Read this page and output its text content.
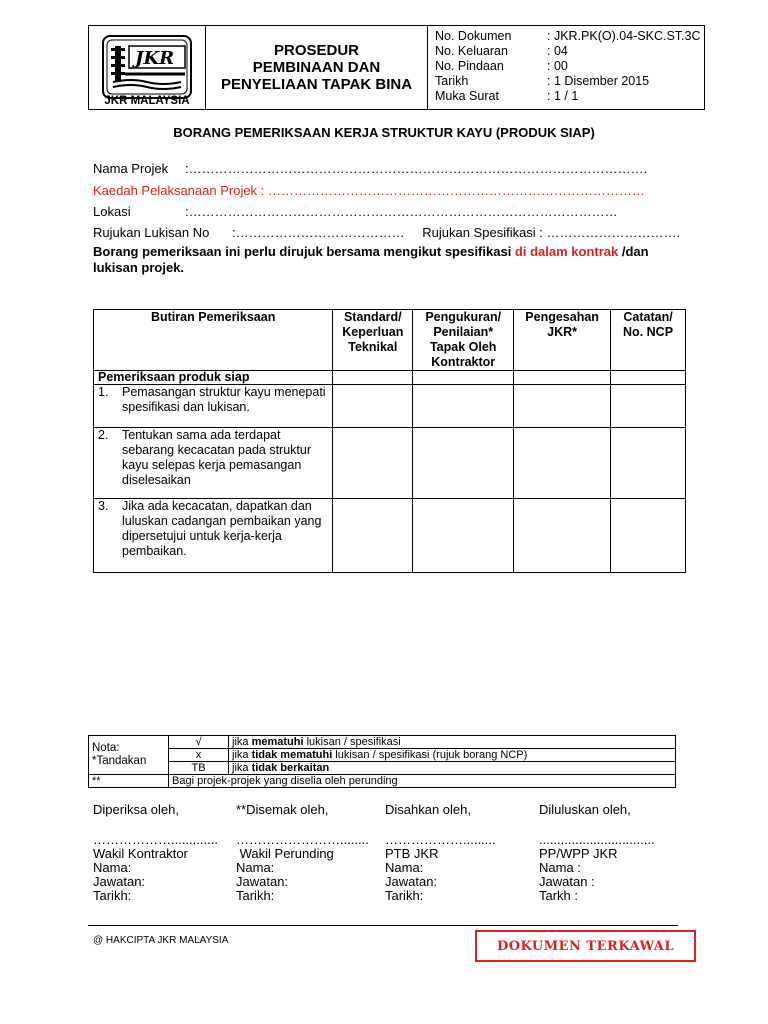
JKR
JKR MALAYSIA
PROSEDUR
PEMBINAAN DAN
PENYELIAAN TAPAK BINA
No. Dokumen	: JKR.PK(O).04-SKC.ST.3C
No. Keluaran	: 04
No. Pindaan	: 00
Tarikh	: 1 Disember 2015
Muka Surat	: 1 / 1
BORANG PEMERIKSAAN KERJA STRUKTUR KAYU (PRODUK SIAP)
Nama Projek :…………………………………………………………………………………………….
Kaedah Pelaksanaan Projek : ……………………………………………………………………………
Lokasi	:………………………………………………………………………………………
Rujukan Lukisan No :………………………………… Rujukan Spesifikasi : ………………………….
Borang pemeriksaan ini perlu dirujuk bersama mengikut spesifikasi di dalam kontrak /dan lukisan projek.
Butiran Pemeriksaan	Standard/ Keperluan Teknikal	Pengukuran/ Penilaian* Tapak Oleh Kontraktor	Pengesahan JKR*	Catatan/ No. NCP
Pemeriksaan produk siap				

1. Pemasangan struktur kayu menepati spesifikasi dan lukisan.				

2. Tentukan sama ada terdapat sebarang kecacatan pada struktur kayu selepas kerja pemasangan diselesaikan				

3. Jika ada kecacatan, dapatkan dan luluskan cadangan pembaikan yang dipersetujui untuk kerja-kerja pembaikan.				

Nota:
*Tandakan	√	jika mematuhi lukisan / spesifikasi
	x	jika tidak mematuhi lukisan / spesifikasi (rujuk borang NCP)
	TB	jika tidak berkaitan
**	Bagi projek-projek yang diselia oleh perunding	
Diperiksa oleh,
……………….............
Wakil Kontraktor
Nama:
Jawatan:
Tarikh:
**Disemak oleh,
……………………........
Wakil Perunding
Nama:
Jawatan:
Tarikh:
Disahkan oleh,
……………….........
PTB JKR
Nama:
Jawatan:
Tarikh:
Diluluskan oleh,
................................
PP/WPP JKR
Nama :
Jawatan :
Tarkh :
@ HAKCIPTA JKR MALAYSIA	DOKUMEN TERKAWAL
